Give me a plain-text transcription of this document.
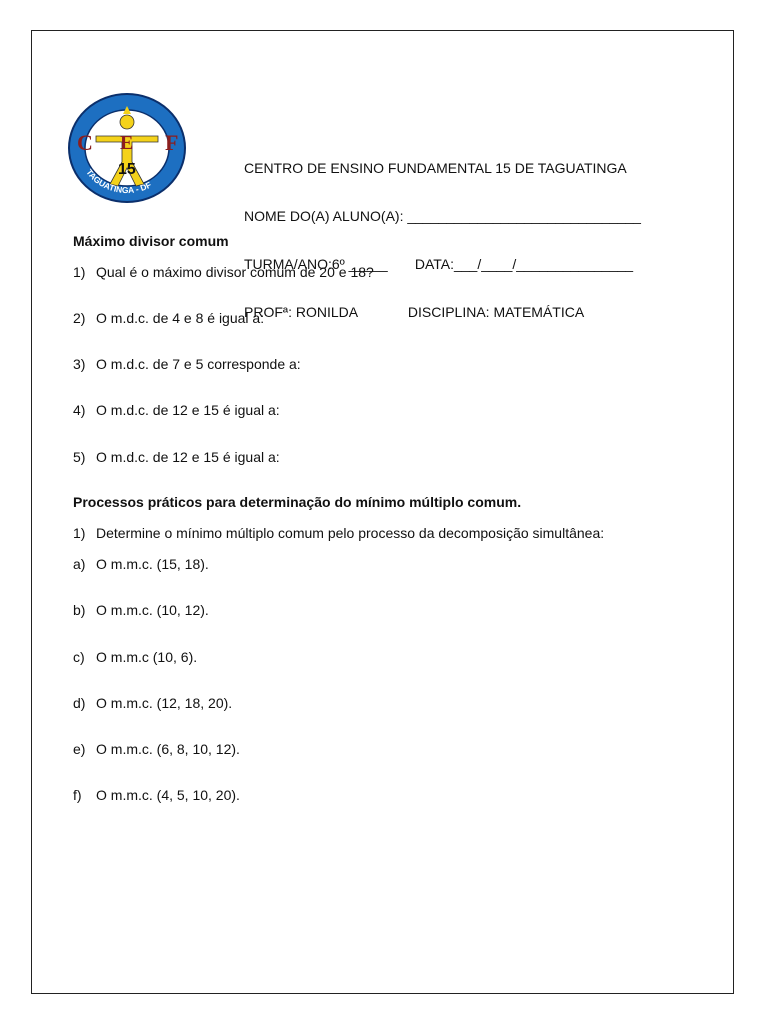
C E F
15
TAGUATINGA - DF

CENTRO DE ENSINO FUNDAMENTAL 15 DE TAGUATINGA

NOME DO(A) ALUNO(A): ______________________________

TURMA/ANO:6º _____       DATA:___/____/_______________

PROFª: RONILDA             DISCIPLINA: MATEMÁTICA

Máximo divisor comum
1) Qual é o máximo divisor comum de 20 e 18?
2) O m.d.c. de 4 e 8 é igual a:
3) O m.d.c. de 7 e 5 corresponde a:
4) O m.d.c. de 12 e 15 é igual a:
5) O m.d.c. de 12 e 15 é igual a:
Processos práticos para determinação do mínimo múltiplo comum.
1) Determine o mínimo múltiplo comum pelo processo da decomposição simultânea:
a) O m.m.c. (15, 18).
b) O m.m.c. (10, 12).
c) O m.m.c (10, 6).
d) O m.m.c. (12, 18, 20).
e) O m.m.c. (6, 8, 10, 12).
f) O m.m.c. (4, 5, 10, 20).
